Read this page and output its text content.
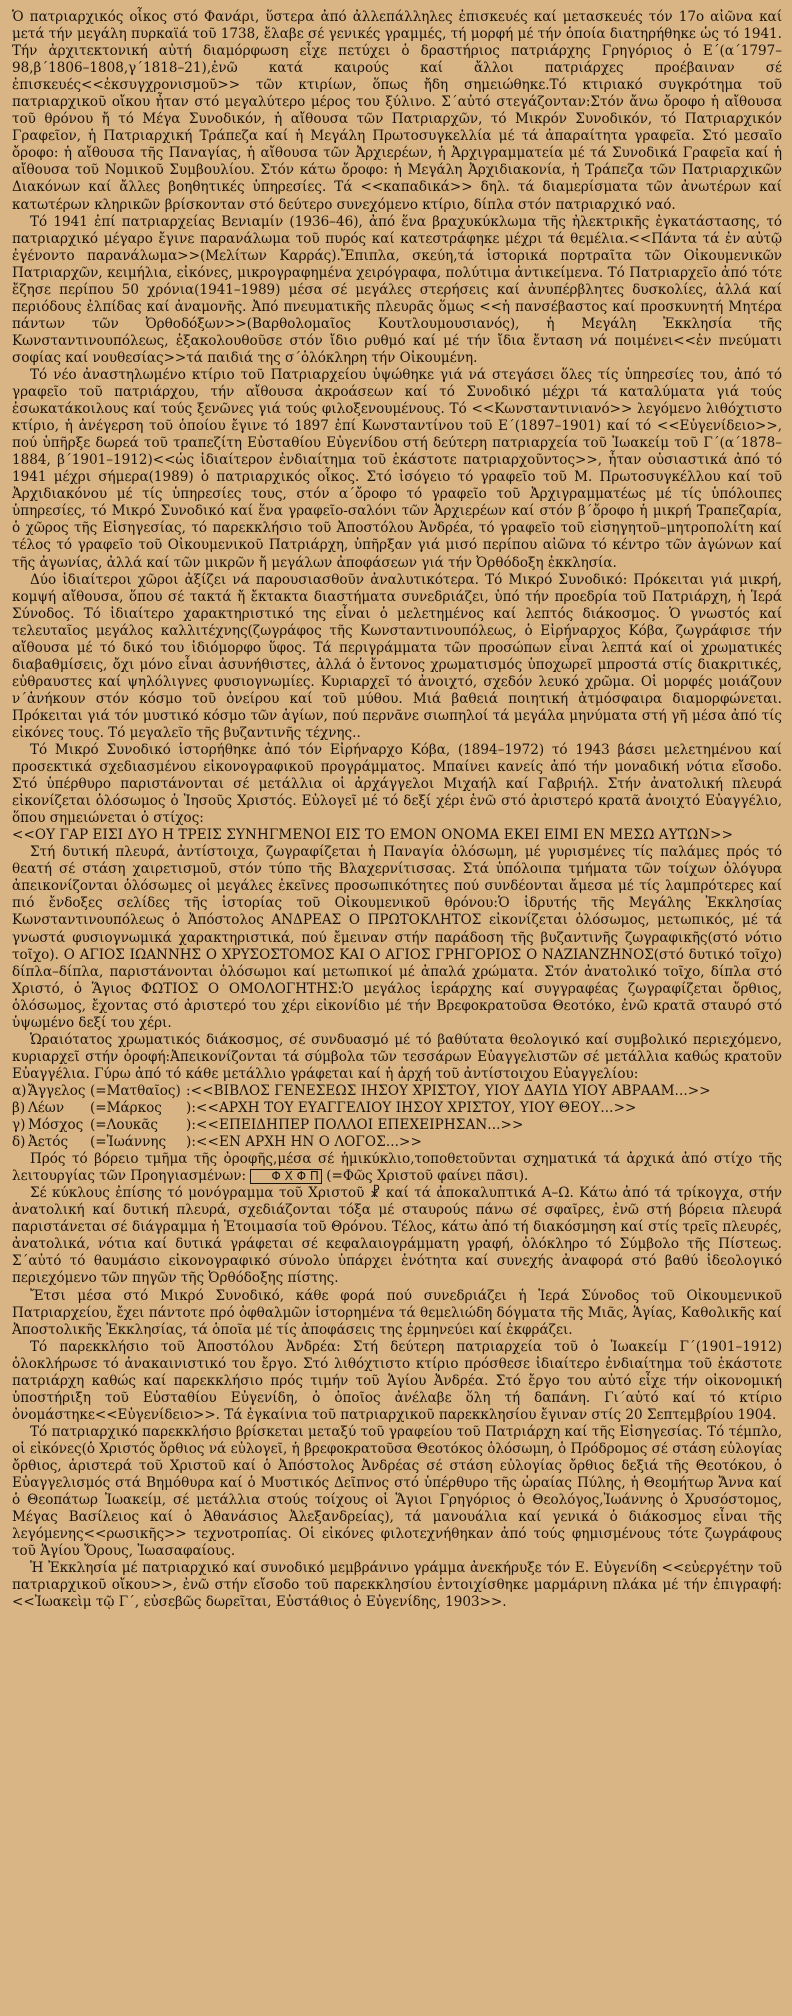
Ὁ πατριαρχικός οἶκος στό Φανάρι, ὕστερα ἀπό ἀλλεπάλληλες ἐπισκευές καί μετασκευές τόν 17ο αἰῶνα καί μετά τήν μεγάλη πυρκαϊά τοῦ 1738, ἔλαβε σέ γενικές γραμμές, τή μορφή μέ τήν ὁποία διατηρήθηκε ὡς τό 1941. Τήν ἀρχιτεκτονική αὐτή διαμόρφωση εἶχε πετύχει ὁ δραστήριος πατριάρχης Γρηγόριος ὁ Ε΄(α΄1797–98,β΄1806–1808,γ΄1818–21),ἐνῶ κατά καιρούς καί ἄλλοι πατριάρχες προέβαιναν σέ ἐπισκευές<<ἐκσυγχρονισμοῦ>> τῶν κτιρίων, ὅπως ἤδη σημειώθηκε.Τό κτιριακό συγκρότημα τοῦ πατριαρχικοῦ οἴκου ἦταν στό μεγαλύτερο μέρος του ξύλινο. Σ΄αὐτό στεγάζονταν:Στόν ἄνω ὄροφο ἡ αἴθουσα τοῦ θρόνου ἤ τό Μέγα Συνοδικόν, ἡ αἴθουσα τῶν Πατριαρχῶν, τό Μικρόν Συνοδικόν, τό Πατριαρχικόν Γραφεῖον, ἡ Πατριαρχική Τράπεζα καί ἡ Μεγάλη Πρωτοσυγκελλία μέ τά ἀπαραίτητα γραφεῖα. Στό μεσαῖο ὄροφο: ἡ αἴθουσα τῆς Παναγίας, ἡ αἴθουσα τῶν Ἀρχιερέων, ἡ Ἀρχιγραμματεία μέ τά Συνοδικά Γραφεῖα καί ἡ αἴθουσα τοῦ Νομικοῦ Συμβουλίου. Στόν κάτω ὄροφο: ἡ Μεγάλη Ἀρχιδιακονία, ἡ Τράπεζα τῶν Πατριαρχικῶν Διακόνων καί ἄλλες βοηθητικές ὑπηρεσίες. Τά <<καπαδικά>> δηλ. τά διαμερίσματα τῶν ἀνωτέρων καί κατωτέρων κληρικῶν βρίσκονταν στό δεύτερο συνεχόμενο κτίριο, δίπλα στόν πατριαρχικό ναό.

Τό 1941 ἐπί πατριαρχείας Βενιαμίν (1936–46), ἀπό ἕνα βραχυκύκλωμα τῆς ἠλεκτρικῆς ἐγκατάστασης, τό πατριαρχικό μέγαρο ἔγινε παρανάλωμα τοῦ πυρός καί κατεστράφηκε μέχρι τά θεμέλια.<<Πάντα τά ἐν αὐτῷ ἐγένοντο παρανάλωμα>>(Μελίτων Καρράς).Ἔπιπλα, σκεύη,τά ἱστορικά πορτραῖτα τῶν Οἰκουμενικῶν Πατριαρχῶν, κειμήλια, εἰκόνες, μικρογραφημένα χειρόγραφα, πολύτιμα ἀντικείμενα. Τό Πατριαρχεῖο ἀπό τότε ἔζησε περίπου 50 χρόνια(1941–1989) μέσα σέ μεγάλες στερήσεις καί ἀνυπέρβλητες δυσκολίες, ἀλλά καί περιόδους ἐλπίδας καί ἀναμονῆς. Ἀπό πνευματικῆς πλευρᾶς ὅμως <<ἡ πανσέβαστος καί προσκυνητή Μητέρα πάντων τῶν Ὀρθοδόξων>>(Βαρθολομαῖος Κουτλουμουσιανός), ἡ Μεγάλη Ἐκκλησία τῆς Κωνσταντινουπόλεως, ἐξακολουθοῦσε στόν ἴδιο ρυθμό καί μέ τήν ἴδια ἔνταση νά ποιμένει<<ἐν πνεύματι σοφίας καί νουθεσίας>>τά παιδιά της σ΄ὁλόκληρη τήν Οἰκουμένη.

Τό νέο ἀναστηλωμένο κτίριο τοῦ Πατριαρχείου ὑψώθηκε γιά νά στεγάσει ὅλες τίς ὑπηρεσίες του, ἀπό τό γραφεῖο τοῦ πατριάρχου, τήν αἴθουσα ἀκροάσεων καί τό Συνοδικό μέχρι τά καταλύματα γιά τούς ἐσωκατάκοιλους καί τούς ξενῶνες γιά τούς φιλοξενουμένους. Τό <<Κωνσταντινιανό>> λεγόμενο λιθόχτιστο κτίριο, ἡ ἀνέγερση τοῦ ὁποίου ἔγινε τό 1897 ἐπί Κωνσταντίνου τοῦ Ε΄(1897–1901) καί τό <<Εὐγενίδειο>>, πού ὑπῆρξε δωρεά τοῦ τραπεζίτη Εὐσταθίου Εὐγενίδου στή δεύτερη πατριαρχεία τοῦ Ἰωακείμ τοῦ Γ΄(α΄1878–1884, β΄1901–1912)<<ὡς ἰδιαίτερον ἐνδιαίτημα τοῦ ἑκάστοτε πατριαρχοῦντος>>, ἦταν οὐσιαστικά ἀπό τό 1941 μέχρι σήμερα(1989) ὁ πατριαρχικός οἶκος. Στό ἰσόγειο τό γραφεῖο τοῦ Μ. Πρωτοσυγκέλλου καί τοῦ Ἀρχιδιακόνου μέ τίς ὑπηρεσίες τους, στόν α΄ὄροφο τό γραφεῖο τοῦ Ἀρχιγραμματέως μέ τίς ὑπόλοιπες ὑπηρεσίες, τό Μικρό Συνοδικό καί ἕνα γραφεῖο-σαλόνι τῶν Ἀρχιερέων καί στόν β΄ὄροφο ἡ μικρή Τραπεζαρία, ὁ χῶρος τῆς Εἰσηγεσίας, τό παρεκκλήσιο τοῦ Ἀποστόλου Ἀνδρέα, τό γραφεῖο τοῦ εἰσηγητοῦ–μητροπολίτη καί τέλος τό γραφεῖο τοῦ Οἰκουμενικοῦ Πατριάρχη, ὑπῆρξαν γιά μισό περίπου αἰῶνα τό κέντρο τῶν ἀγώνων καί τῆς ἀγωνίας, ἀλλά καί τῶν μικρῶν ἤ μεγάλων ἀποφάσεων γιά τήν Ὀρθόδοξη ἐκκλησία.

Δύο ἰδιαίτεροι χῶροι ἀξίζει νά παρουσιασθοῦν ἀναλυτικότερα. Τό Μικρό Συνοδικό: Πρόκειται γιά μικρή, κομψή αἴθουσα, ὅπου σέ τακτά ἤ ἔκτακτα διαστήματα συνεδριάζει, ὑπό τήν προεδρία τοῦ Πατριάρχη, ἡ Ἱερά Σύνοδος. Τό ἰδιαίτερο χαρακτηριστικό της εἶναι ὁ μελετημένος καί λεπτός διάκοσμος. Ὁ γνωστός καί τελευταῖος μεγάλος καλλιτέχνης(ζωγράφος τῆς Κωνσταντινουπόλεως, ὁ Εἰρήναρχος Κόβα, ζωγράφισε τήν αἴθουσα μέ τό δικό του ἰδιόμορφο ὕφος. Τά περιγράμματα τῶν προσώπων εἶναι λεπτά καί οἱ χρωματικές διαβαθμίσεις, ὄχι μόνο εἶναι ἀσυνήθιστες, ἀλλά ὁ ἔντονος χρωματισμός ὑποχωρεῖ μπροστά στίς διακριτικές, εὐθραυστες καί ψηλόλιγνες φυσιογνωμίες. Κυριαρχεῖ τό ἀνοιχτό, σχεδόν λευκό χρῶμα. Οἱ μορφές μοιάζουν ν΄ἀνήκουν στόν κόσμο τοῦ ὀνείρου καί τοῦ μύθου. Μιά βαθειά ποιητική ἀτμόσφαιρα διαμορφώνεται. Πρόκειται γιά τόν μυστικό κόσμο τῶν ἁγίων, πού περνᾶνε σιωπηλοί τά μεγάλα μηνύματα στή γῆ μέσα ἀπό τίς εἰκόνες τους. Τό μεγαλεῖο τῆς βυζαντινῆς τέχνης..

Τό Μικρό Συνοδικό ἱστορήθηκε ἀπό τόν Εἰρήναρχο Κόβα, (1894–1972) τό 1943 βάσει μελετημένου καί προσεκτικά σχεδιασμένου εἰκονογραφικοῦ προγράμματος. Μπαίνει κανείς ἀπό τήν μοναδική νότια εἴσοδο. Στό ὑπέρθυρο παριστάνονται σέ μετάλλια οἱ ἀρχάγγελοι Μιχαήλ καί Γαβριήλ. Στήν ἀνατολική πλευρά εἰκονίζεται ὁλόσωμος ὁ Ἰησοῦς Χριστός. Εὐλογεῖ μέ τό δεξί χέρι ἐνῶ στό ἀριστερό κρατᾶ ἀνοιχτό Εὐαγγέλιο, ὅπου σημειώνεται ὁ στίχος:

<<ΟΥ ΓΑΡ ΕΙΣΙ ΔΥΟ Η ΤΡΕΙΣ ΣΥΝΗΓΜΕΝΟΙ ΕΙΣ ΤΟ ΕΜΟΝ ΟΝΟΜΑ ΕΚΕΙ ΕΙΜΙ ΕΝ ΜΕΣΩ ΑΥΤΩΝ>>

Στή δυτική πλευρά, ἀντίστοιχα, ζωγραφίζεται ἡ Παναγία ὁλόσωμη, μέ γυρισμένες τίς παλάμες πρός τό θεατή σέ στάση χαιρετισμοῦ, στόν τύπο τῆς Βλαχερνίτισσας. Στά ὑπόλοιπα τμήματα τῶν τοίχων ὁλόγυρα ἀπεικονίζονται ὁλόσωμες οἱ μεγάλες ἐκεῖνες προσωπικότητες πού συνδέονται ἄμεσα μέ τίς λαμπρότερες καί πιό ἔνδοξες σελίδες τῆς ἱστορίας τοῦ Οἰκουμενικοῦ θρόνου:Ὁ ἱδρυτής τῆς Μεγάλης Ἐκκλησίας Κωνσταντινουπόλεως ὁ Ἀπόστολος ΑΝΔΡΕΑΣ Ο ΠΡΩΤΟΚΛΗΤΟΣ εἰκονίζεται ὁλόσωμος, μετωπικός, μέ τά γνωστά φυσιογνωμικά χαρακτηριστικά, πού ἔμειναν στήν παράδοση τῆς βυζαντινῆς ζωγραφικῆς(στό νότιο τοῖχο). Ο ΑΓΙΟΣ ΙΩΑΝΝΗΣ Ο ΧΡΥΣΟΣΤΟΜΟΣ ΚΑΙ Ο ΑΓΙΟΣ ΓΡΗΓΟΡΙΟΣ Ο ΝΑΖΙΑΝΖΗΝΟΣ(στό δυτικό τοῖχο) δίπλα–δίπλα, παριστάνονται ὁλόσωμοι καί μετωπικοί μέ ἁπαλά χρώματα. Στόν ἀνατολικό τοῖχο, δίπλα στό Χριστό, ὁ Ἅγιος ΦΩΤΙΟΣ Ο ΟΜΟΛΟΓΗΤΗΣ:Ὁ μεγάλος ἱεράρχης καί συγγραφέας ζωγραφίζεται ὄρθιος, ὁλόσωμος, ἔχοντας στό ἀριστερό του χέρι εἰκονίδιο μέ τήν Βρεφοκρατοῦσα Θεοτόκο, ἐνῶ κρατᾶ σταυρό στό ὑψωμένο δεξί του χέρι.

Ὡραιότατος χρωματικός διάκοσμος, σέ συνδυασμό μέ τό βαθύτατα θεολογικό καί συμβολικό περιεχόμενο, κυριαρχεῖ στήν ὀροφή:Ἀπεικονίζονται τά σύμβολα τῶν τεσσάρων Εὐαγγελιστῶν σέ μετάλλια καθώς κρατοῦν Εὐαγγέλια. Γύρω ἀπό τό κάθε μετάλλιο γράφεται καί ἡ ἀρχή τοῦ ἀντίστοιχου Εὐαγγελίου:

α) Ἄγγελος (=Ματθαῖος) :<<ΒΙΒΛΟΣ ΓΕΝΕΣΕΩΣ ΙΗΣΟΥ ΧΡΙΣΤΟΥ, ΥΙΟΥ ΔΑΥΙΔ ΥΙΟΥ ΑΒΡΑΑΜ...>>
β) Λέων	(=Μάρκος	):<<ΑΡΧΗ ΤΟΥ ΕΥΑΓΓΕΛΙΟΥ ΙΗΣΟΥ ΧΡΙΣΤΟΥ, ΥΙΟΥ ΘΕΟΥ...>>
γ) Μόσχος (=Λουκᾶς	):<<ΕΠΕΙΔΗΠΕΡ ΠΟΛΛΟΙ ΕΠΕΧΕΙΡΗΣΑΝ...>>
δ) Ἀετός	(=Ἰωάννης	):<<ΕΝ ΑΡΧΗ ΗΝ Ο ΛΟΓΟΣ...>>

Πρός τό βόρειο τμῆμα τῆς ὀροφῆς,μέσα σέ ἡμικύκλιο,τοποθετοῦνται σχηματικά τά ἀρχικά ἀπό στίχο τῆς λειτουργίας τῶν Προηγιασμένων: Φ Χ Φ Π (=Φῶς Χριστοῦ φαίνει πᾶσι).

Σέ κύκλους ἐπίσης τό μονόγραμμα τοῦ Χριστοῦ ☧ καί τά ἀποκαλυπτικά Α–Ω. Κάτω ἀπό τά τρίκογχα, στήν ἀνατολική καί δυτική πλευρά, σχεδιάζονται τόξα μέ σταυρούς πάνω σέ σφαῖρες, ἐνῶ στή βόρεια πλευρά παριστάνεται σέ διάγραμμα ἡ Ἑτοιμασία τοῦ Θρόνου. Τέλος, κάτω ἀπό τή διακόσμηση καί στίς τρεῖς πλευρές, ἀνατολικά, νότια καί δυτικά γράφεται σέ κεφαλαιογράμματη γραφή, ὁλόκληρο τό Σύμβολο τῆς Πίστεως. Σ΄αὐτό τό θαυμάσιο εἰκονογραφικό σύνολο ὑπάρχει ἑνότητα καί συνεχής ἀναφορά στό βαθύ ἰδεολογικό περιεχόμενο τῶν πηγῶν τῆς Ὀρθόδοξης πίστης.

Ἔτσι μέσα στό Μικρό Συνοδικό, κάθε φορά πού συνεδριάζει ἡ Ἱερά Σύνοδος τοῦ Οἰκουμενικοῦ Πατριαρχείου, ἔχει πάντοτε πρό ὀφθαλμῶν ἱστορημένα τά θεμελιώδη δόγματα τῆς Μιᾶς, Ἁγίας, Καθολικῆς καί Ἀποστολικῆς Ἐκκλησίας, τά ὁποῖα μέ τίς ἀποφάσεις της ἑρμηνεύει καί ἐκφράζει.

Τό παρεκκλήσιο τοῦ Ἀποστόλου Ἀνδρέα: Στή δεύτερη πατριαρχεία τοῦ ὁ Ἰωακείμ Γ΄(1901–1912) ὁλοκλήρωσε τό ἀνακαινιστικό του ἔργο. Στό λιθόχτιστο κτίριο πρόσθεσε ἰδιαίτερο ἐνδιαίτημα τοῦ ἑκάστοτε πατριάρχη καθώς καί παρεκκλήσιο πρός τιμήν τοῦ Ἁγίου Ἀνδρέα. Στό ἔργο του αὐτό εἶχε τήν οἰκονομική ὑποστήριξη τοῦ Εὐσταθίου Εὐγενίδη, ὁ ὁποῖος ἀνέλαβε ὅλη τή δαπάνη. Γι΄αὐτό καί τό κτίριο ὀνομάστηκε<<Εὐγενίδειο>>. Τά ἐγκαίνια τοῦ πατριαρχικοῦ παρεκκλησίου ἔγιναν στίς 20 Σεπτεμβρίου 1904.

Τό πατριαρχικό παρεκκλήσιο βρίσκεται μεταξύ τοῦ γραφείου τοῦ Πατριάρχη καί τῆς Εἰσηγεσίας. Τό τέμπλο, οἱ εἰκόνες(ὁ Χριστός ὄρθιος νά εὐλογεῖ, ἡ βρεφοκρατοῦσα Θεοτόκος ὁλόσωμη, ὁ Πρόδρομος σέ στάση εὐλογίας ὄρθιος, ἀριστερά τοῦ Χριστοῦ καί ὁ Ἀπόστολος Ἀνδρέας σέ στάση εὐλογίας ὄρθιος δεξιά τῆς Θεοτόκου, ὁ Εὐαγγελισμός στά Βημόθυρα καί ὁ Μυστικός Δεῖπνος στό ὑπέρθυρο τῆς ὡραίας Πύλης, ἡ Θεομήτωρ Ἄννα καί ὁ Θεοπάτωρ Ἰωακείμ, σέ μετάλλια στούς τοίχους οἱ Ἅγιοι Γρηγόριος ὁ Θεολόγος,Ἰωάννης ὁ Χρυσόστομος, Μέγας Βασίλειος καί ὁ Ἀθανάσιος Ἀλεξανδρείας), τά μανουάλια καί γενικά ὁ διάκοσμος εἶναι τῆς λεγόμενης<<ρωσικῆς>> τεχνοτροπίας. Οἱ εἰκόνες φιλοτεχνήθηκαν ἀπό τούς φημισμένους τότε ζωγράφους τοῦ Ἁγίου Ὄρους, Ἰωασαφαίους.

Ἡ Ἐκκλησία μέ πατριαρχικό καί συνοδικό μεμβράνινο γράμμα ἀνεκήρυξε τόν Ε. Εὐγενίδη <<εὐεργέτην τοῦ πατριαρχικοῦ οἴκου>>, ἐνῶ στήν εἴσοδο τοῦ παρεκκλησίου ἐντοιχίσθηκε μαρμάρινη πλάκα μέ τήν ἐπιγραφή:<<Ἰωακεὶμ τῷ Γ΄, εὐσεβῶς δωρεῖται, Εὐστάθιος ὁ Εὐγενίδης, 1903>>.
